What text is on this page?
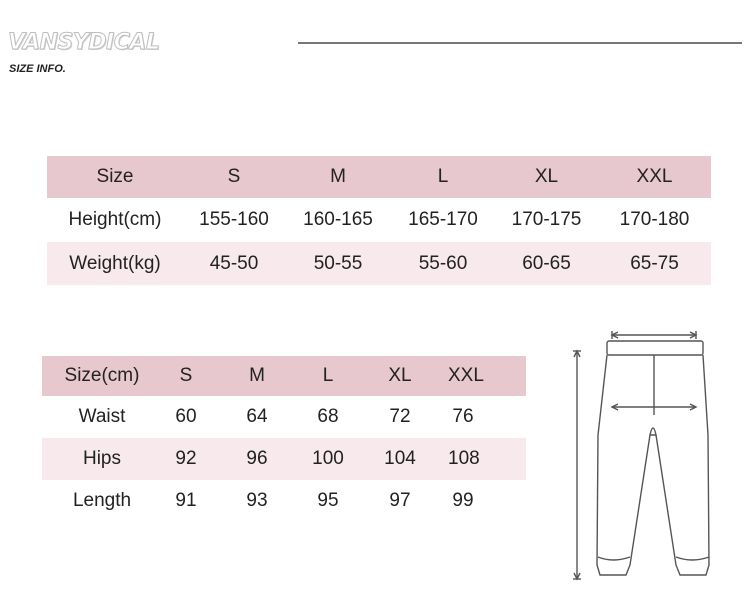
VANSYDICAL
SIZE INFO.
Size	S	M	L	XL	XXL
Height(cm)	155-160	160-165	165-170	170-175	170-180
Weight(kg)	45-50	50-55	55-60	60-65	65-75
Size(cm)	S	M	L	XL	XXL
Waist	60	64	68	72	76
Hips	92	96	100	104	108
Length	91	93	95	97	99
